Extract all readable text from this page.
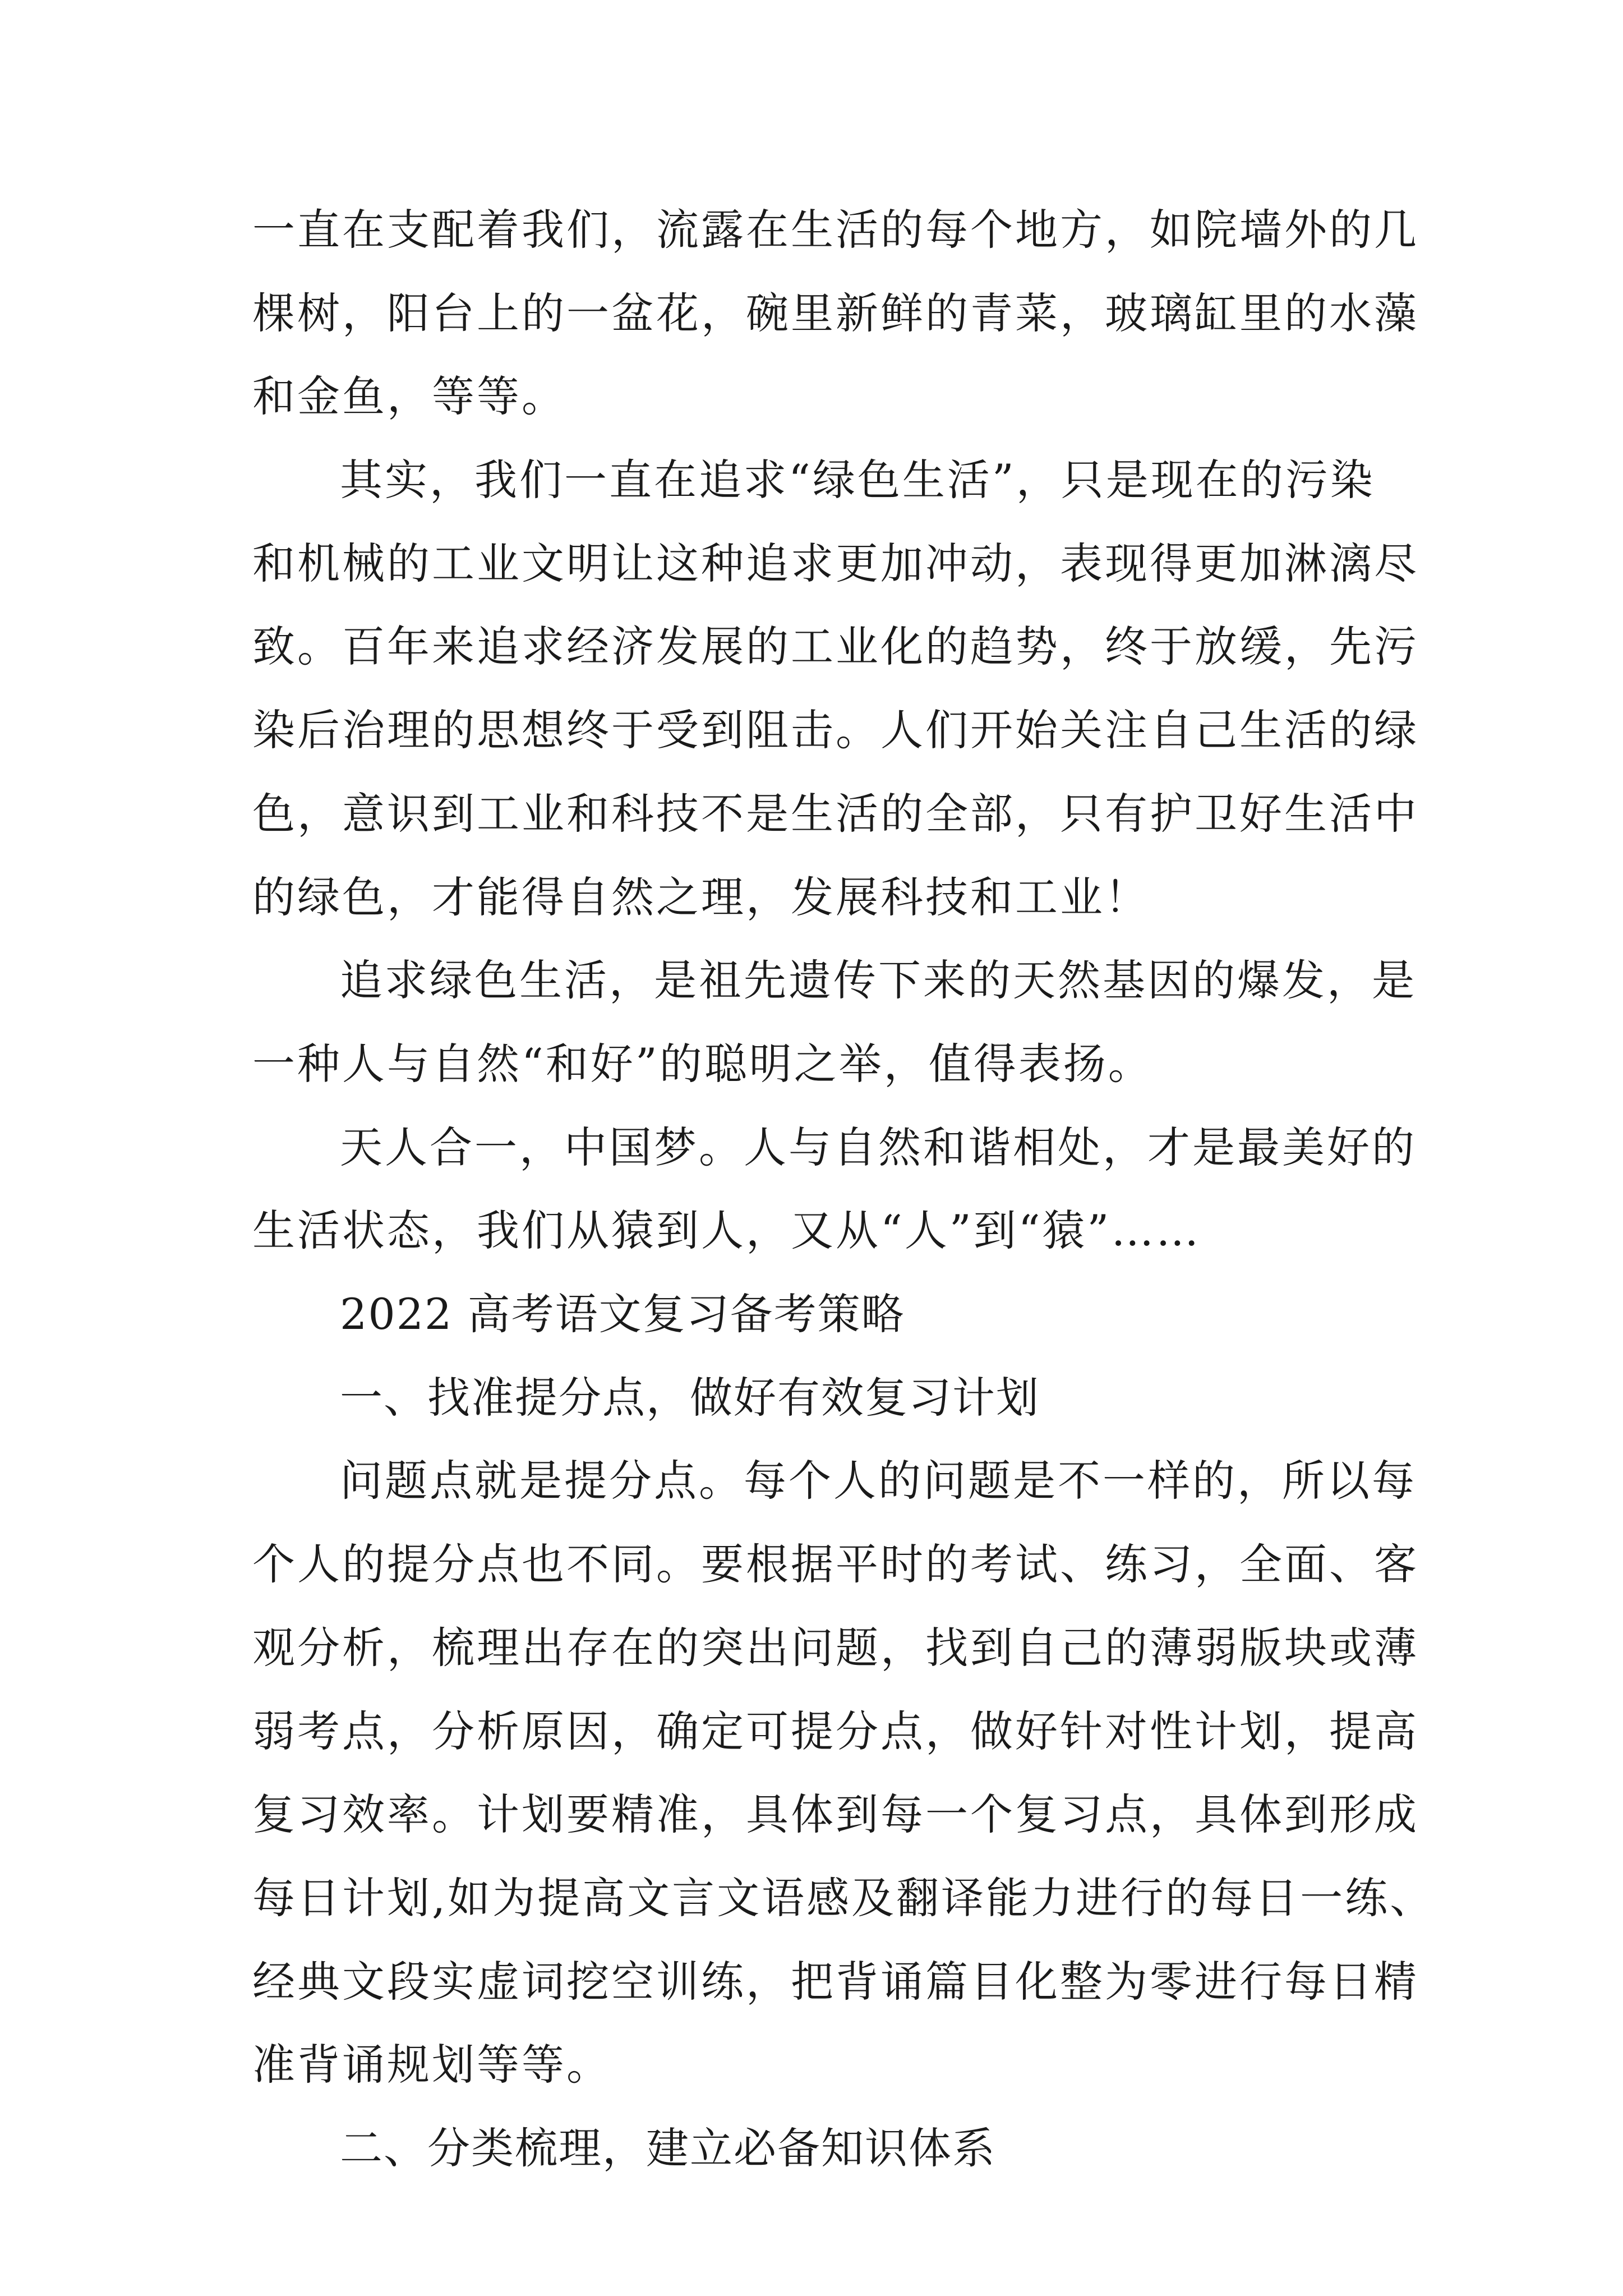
一直在支配着我们，流露在生活的每个地方，如院墙外的几
棵树，阳台上的一盆花，碗里新鲜的青菜，玻璃缸里的水藻
和金鱼，等等。
其实，我们一直在追求“绿色生活”，只是现在的污染
和机械的工业文明让这种追求更加冲动，表现得更加淋漓尽
致。百年来追求经济发展的工业化的趋势，终于放缓，先污
染后治理的思想终于受到阻击。人们开始关注自己生活的绿
色，意识到工业和科技不是生活的全部，只有护卫好生活中
的绿色，才能得自然之理，发展科技和工业！
追求绿色生活，是祖先遗传下来的天然基因的爆发，是
一种人与自然“和好”的聪明之举，值得表扬。
天人合一，中国梦。人与自然和谐相处，才是最美好的
生活状态，我们从猿到人，又从“人”到“猿”……
2022 高考语文复习备考策略
一、找准提分点，做好有效复习计划
问题点就是提分点。每个人的问题是不一样的，所以每
个人的提分点也不同。要根据平时的考试、练习，全面、客
观分析，梳理出存在的突出问题，找到自己的薄弱版块或薄
弱考点，分析原因，确定可提分点，做好针对性计划，提高
复习效率。计划要精准，具体到每一个复习点，具体到形成
每日计划,如为提高文言文语感及翻译能力进行的每日一练、
经典文段实虚词挖空训练，把背诵篇目化整为零进行每日精
准背诵规划等等。
二、分类梳理，建立必备知识体系
